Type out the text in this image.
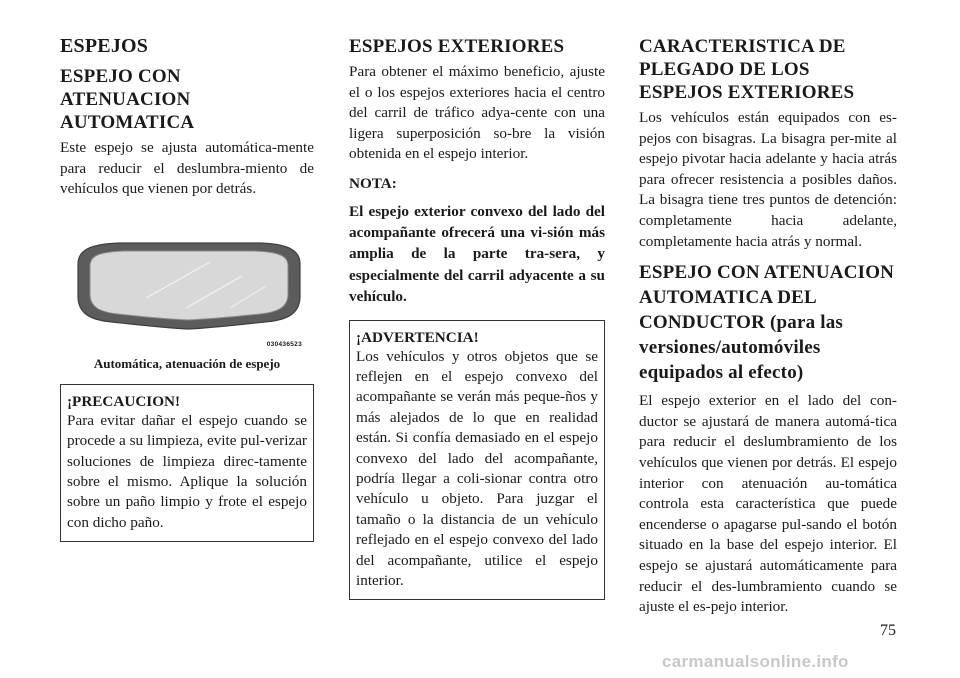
ESPEJOS
ESPEJO CON ATENUACION AUTOMATICA

Este espejo se ajusta automática-mente para reducir el deslumbra-miento de vehículos que vienen por detrás.

030436523

Automática, atenuación de espejo

¡PRECAUCION!

Para evitar dañar el espejo cuando se procede a su limpieza, evite pul-verizar soluciones de limpieza direc-tamente sobre el mismo. Aplique la solución sobre un paño limpio y frote el espejo con dicho paño.

ESPEJOS EXTERIORES

Para obtener el máximo beneficio, ajuste el o los espejos exteriores hacia el centro del carril de tráfico adya-cente con una ligera superposición so-bre la visión obtenida en el espejo interior.

NOTA:

El espejo exterior convexo del lado del acompañante ofrecerá una vi-sión más amplia de la parte tra-sera, y especialmente del carril adyacente a su vehículo.

¡ADVERTENCIA!

Los vehículos y otros objetos que se reflejen en el espejo convexo del acompañante se verán más peque-ños y más alejados de lo que en realidad están. Si confía demasiado en el espejo convexo del lado del acompañante, podría llegar a coli-sionar contra otro vehículo u objeto. Para juzgar el tamaño o la distancia de un vehículo reflejado en el espejo convexo del lado del acompañante, utilice el espejo interior.

CARACTERISTICA DE PLEGADO DE LOS ESPEJOS EXTERIORES

Los vehículos están equipados con es-pejos con bisagras. La bisagra per-mite al espejo pivotar hacia adelante y hacia atrás para ofrecer resistencia a posibles daños. La bisagra tiene tres puntos de detención: completamente hacia adelante, completamente hacia atrás y normal.

ESPEJO CON ATENUACION AUTOMATICA DEL CONDUCTOR (para las versiones/automóviles equipados al efecto)

El espejo exterior en el lado del con-ductor se ajustará de manera automá-tica para reducir el deslumbramiento de los vehículos que vienen por detrás. El espejo interior con atenuación au-tomática controla esta característica que puede encenderse o apagarse pul-sando el botón situado en la base del espejo interior. El espejo se ajustará automáticamente para reducir el des-lumbramiento cuando se ajuste el es-pejo interior.

75
carmanualsonline.info
